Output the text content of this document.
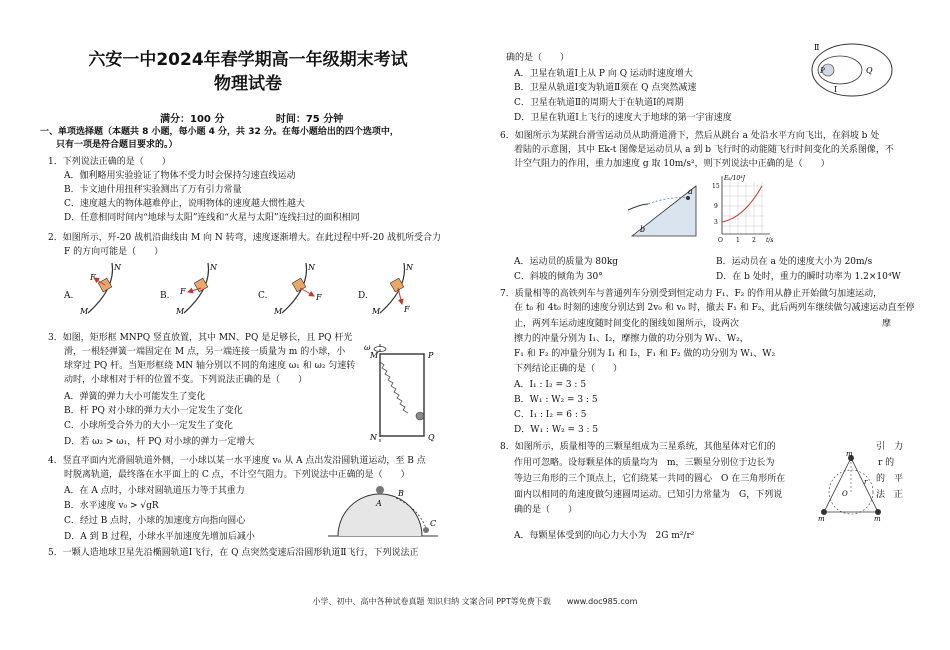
六安一中2024年春学期高一年级期末考试
物理试卷
满分：100 分	时间：75 分钟
一、单项选择题（本题共 8 小题，每小题 4 分，共 32 分。在每小题给出的四个选项中，
只有一项是符合题目要求的。）
1．下列说法正确的是（　　）
A．伽利略用实验验证了物体不受力时会保持匀速直线运动
B．卡文迪什用扭秤实验测出了万有引力常量
C．速度越大的物体越难停止，说明物体的速度越大惯性越大
D．任意相同时间内“地球与太阳”连线和“火星与太阳”连线扫过的面积相同
2．如图所示，歼-20 战机沿曲线由 M 向 N 转弯，速度逐渐增大。在此过程中歼-20 战机所受合力
F 的方向可能是（　　）
A.	B.	C.	D.
N
F
M
N
F
M
N
F
M
N
F
M
3．如图，矩形框 MNPQ 竖直放置，其中 MN、PQ 是足够长，且 PQ 杆光
滑，一根轻弹簧一端固定在 M 点，另一端连接一质量为 m 的小球，小
球穿过 PQ 杆。当矩形框绕 MN 轴分别以不同的角速度 ω₁ 和 ω₂ 匀速转
动时，小球相对于杆的位置不变。下列说法正确的是（　　）
A．弹簧的弹力大小可能发生了变化
B．杆 PQ 对小球的弹力大小一定发生了变化
C．小球所受合外力的大小一定发生了变化
D．若 ω₂ > ω₁，杆 PQ 对小球的弹力一定增大
ω
M	P
N	Q
4．竖直平面内光滑圆轨道外侧，一小球以某一水平速度 v₀ 从 A 点出发沿圆轨道运动，至 B 点
时脱离轨道，最终落在水平面上的 C 点，不计空气阻力。下列说法中正确的是（　　）
A．在 A 点时，小球对圆轨道压力等于其重力
B．水平速度 v₀ > √gR
C．经过 B 点时，小球的加速度方向指向圆心
D．A 到 B 过程，小球水平加速度先增加后减小
A
B
C
5．一颗人造地球卫星先沿椭圆轨道Ⅰ飞行，在 Q 点突然变速后沿圆形轨道Ⅱ飞行，下列说法正
确的是（　　）
A．卫星在轨道Ⅰ上从 P 向 Q 运动时速度增大
B．卫星从轨道Ⅰ变为轨道Ⅱ须在 Q 点突然减速
C．卫星在轨道Ⅱ的周期大于在轨道Ⅰ的周期
D．卫星在轨道Ⅰ上飞行的速度大于地球的第一宇宙速度
Ⅱ
Ⅰ
P	Q
6．如图所示为某跳台滑雪运动员从助滑道滑下，然后从跳台 a 处沿水平方向飞出，在斜坡 b 处
着陆的示意图，其中 Ek-t 图像是运动员从 a 到 b 飞行时的动能随飞行时间变化的关系图像，不
计空气阻力的作用，重力加速度 g 取 10m/s²，则下列说法中正确的是（　　）
a
b
Eₖ/10⁴J
15
9
3
O 1 2 t/s
A．运动员的质量为 80kg	B．运动员在 a 处的速度大小为 20m/s
C．斜坡的倾角为 30°	D．在 b 处时，重力的瞬时功率为 1.2×10⁴W
7．质量相等的高铁列车与普通列车分别受到恒定动力 F₁、F₂ 的作用从静止开始做匀加速运动，
在 t₀ 和 4t₀ 时刻的速度分别达到 2v₀ 和 v₀ 时，撤去 F₁ 和 F₂，此后两列车继续做匀减速运动直至停
止，两列车运动速度随时间变化的图线如图所示，设两次	摩
擦力的冲量分别为 I₁、I₂，摩擦力做的功分别为 W₁、W₂，
F₁ 和 F₂ 的冲量分别为 I₁ 和 I₂，F₁ 和 F₂ 做的功分别为 W₁、W₂
下列结论正确的是（　　）
A．I₁ : I₂ = 3 : 5
B．W₁ : W₂ = 3 : 5
C．I₁ : I₂ = 6 : 5
D．W₁ : W₂ = 3 : 5
8．如图所示，质量相等的三颗星组成为三星系统，其他星体对它们的	引　力
作用可忽略。设每颗星体的质量均为　m，三颗星分别位于边长为	r 的
等边三角形的三个顶点上，它们绕某一共同的圆心　O 在三角形所在	的　平
面内以相同的角速度做匀速圆周运动。已知引力常量为　G，下列说	法　正
确的是（　　）
A．每颗星体受到的向心力大小为　2G m²/r²
m
m	m
O
r
小学、初中、高中各种试卷真题 知识归纳 文案合同 PPT等免费下载　　www.doc985.com
